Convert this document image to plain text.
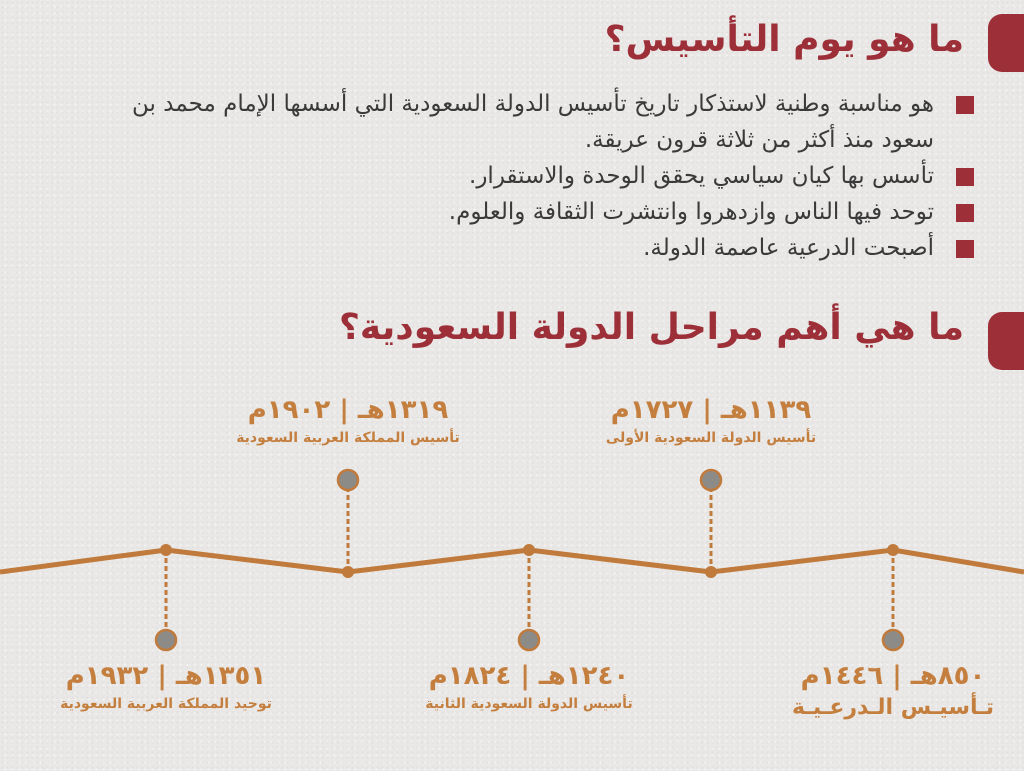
ما هو يوم التأسيس؟
هو مناسبة وطنية لاستذكار تاريخ تأسيس الدولة السعودية التي أسسها الإمام محمد بن سعود منذ أكثر من ثلاثة قرون عريقة.
تأسس بها كيان سياسي يحقق الوحدة والاستقرار.
توحد فيها الناس وازدهروا وانتشرت الثقافة والعلوم.
أصبحت الدرعية عاصمة الدولة.
ما هي أهم مراحل الدولة السعودية؟
٨٥٠هـ | ١٤٤٦م
تـأسيـس الـدرعـيـة
١١٣٩هـ | ١٧٢٧م
تأسيس الدولة السعودية الأولى
١٢٤٠هـ | ١٨٢٤م
تأسيس الدولة السعودية الثانية
١٣١٩هـ | ١٩٠٢م
تأسيس المملكة العربية السعودية
١٣٥١هـ | ١٩٣٢م
توحيد المملكة العربية السعودية
